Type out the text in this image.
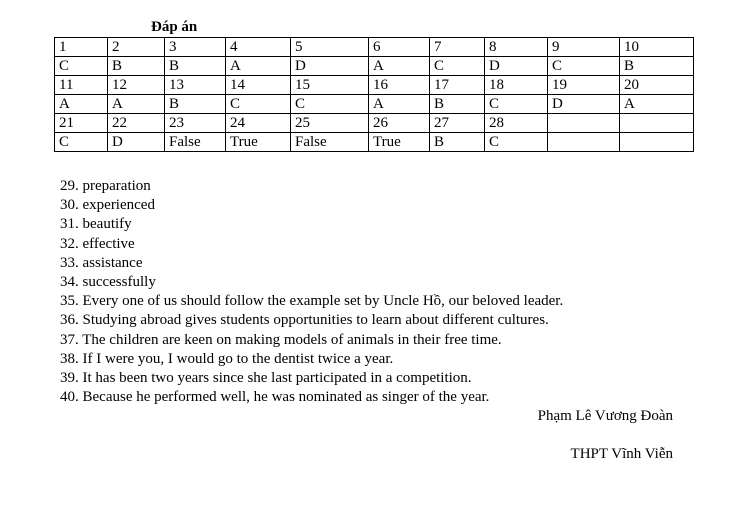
Đáp án
1	2	3	4	5	6	7	8	9	10
C	B	B	A	D	A	C	D	C	B
11	12	13	14	15	16	17	18	19	20
A	A	B	C	C	A	B	C	D	A
21	22	23	24	25	26	27	28		
C	D	False	True	False	True	B	C		
29. preparation
30. experienced
31. beautify
32. effective
33. assistance
34. successfully
35. Every one of us should follow the example set by Uncle Hồ, our beloved leader.
36. Studying abroad gives students opportunities to learn about different cultures.
37. The children are keen on making models of animals in their free time.
38. If I were you, I would go to the dentist twice a year.
39. It has been two years since she last participated in a competition.
40. Because he performed well, he was nominated as singer of the year.
Phạm Lê Vương Đoàn
THPT Vĩnh Viễn
